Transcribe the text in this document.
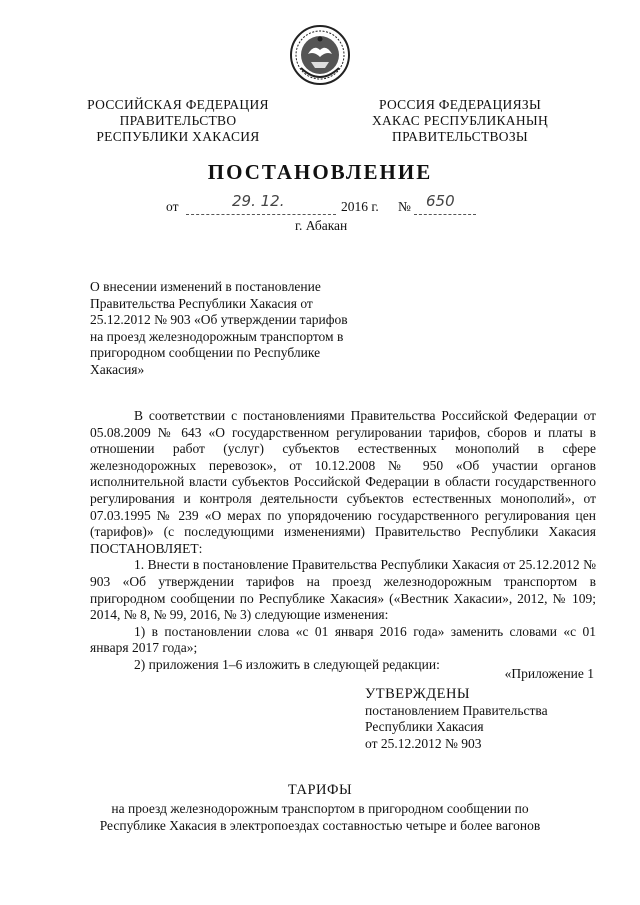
РОССИЙСКАЯ ФЕДЕРАЦИЯ
ПРАВИТЕЛЬСТВО
РЕСПУБЛИКИ ХАКАСИЯ
РОССИЯ ФЕДЕРАЦИЯЗЫ
ХАКАС РЕСПУБЛИКАНЫҢ
ПРАВИТЕЛЬСТВОЗЫ
ПОСТАНОВЛЕНИЕ
от	29. 12.	2016 г. № 650
г. Абакан
О внесении изменений в постановление
Правительства Республики Хакасия от
25.12.2012 № 903 «Об утверждении тарифов
на проезд железнодорожным транспортом в
пригородном сообщении по Республике
Хакасия»

В соответствии с постановлениями Правительства Российской Федерации от 05.08.2009 № 643 «О государственном регулировании тарифов, сборов и платы в отношении работ (услуг) субъектов естественных монополий в сфере железнодорожных перевозок», от 10.12.2008 № 950 «Об участии органов исполнительной власти субъектов Российской Федерации в области государственного регулирования и контроля деятельности субъектов естественных монополий», от 07.03.1995 № 239 «О мерах по упорядочению государственного регулирования цен (тарифов)» (с последующими изменениями) Правительство Республики Хакасия ПОСТАНОВЛЯЕТ:

1. Внести в постановление Правительства Республики Хакасия от 25.12.2012 № 903 «Об утверждении тарифов на проезд железнодорожным транспортом в пригородном сообщении по Республике Хакасия» («Вестник Хакасии», 2012, № 109; 2014, № 8, № 99, 2016, № 3) следующие изменения:

1) в постановлении слова «с 01 января 2016 года» заменить словами «с 01 января 2017 года»;

2) приложения 1–6 изложить в следующей редакции:

«Приложение 1
УТВЕРЖДЕНЫ
постановлением Правительства
Республики Хакасия
от 25.12.2012 № 903
ТАРИФЫ
на проезд железнодорожным транспортом в пригородном сообщении по
Республике Хакасия в электропоездах составностью четыре и более вагонов
